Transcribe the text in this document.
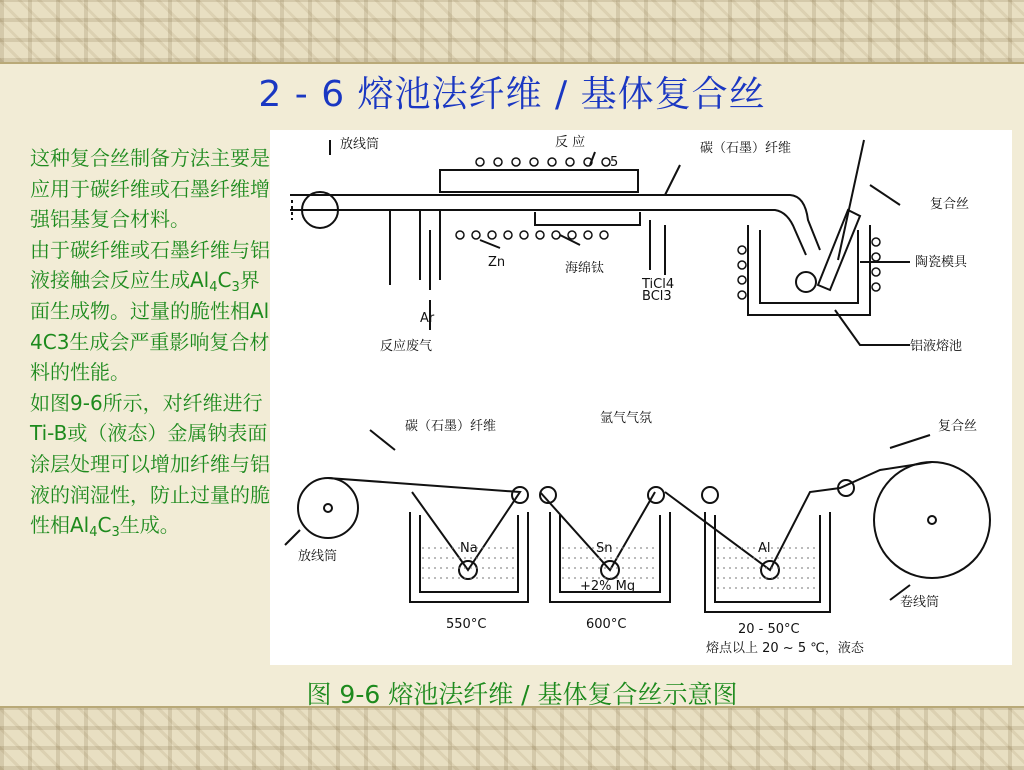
2 - 6 熔池法纤维 / 基体复合丝
这种复合丝制备方法主要是应用于碳纤维或石墨纤维增强铝基复合材料。
由于碳纤维或石墨纤维与铝液接触会反应生成$Al_4C_3$界面生成物。过量的脆性相Al4C3生成会严重影响复合材料的性能。
如图9-6所示，对纤维进行Ti-B或（液态）金属钠表面涂层处理可以增加纤维与铝液的润湿性，防止过量的脆性相$Al_4C_3$生成。
放线筒	反 应
5
碳（石墨）纤维
复合丝
陶瓷模具
铝液熔池
反应废气
海绵钛
Zn
Ar
TiCl4
BCl3
碳（石墨）纤维
氩气气氛
复合丝
放线筒
卷线筒
Na	Sn
+2% Mg
Al
550°C	600°C	20 - 50°C
熔点以上 20 ~ 5 ℃，液态
图 9-6 熔池法纤维 / 基体复合丝示意图
